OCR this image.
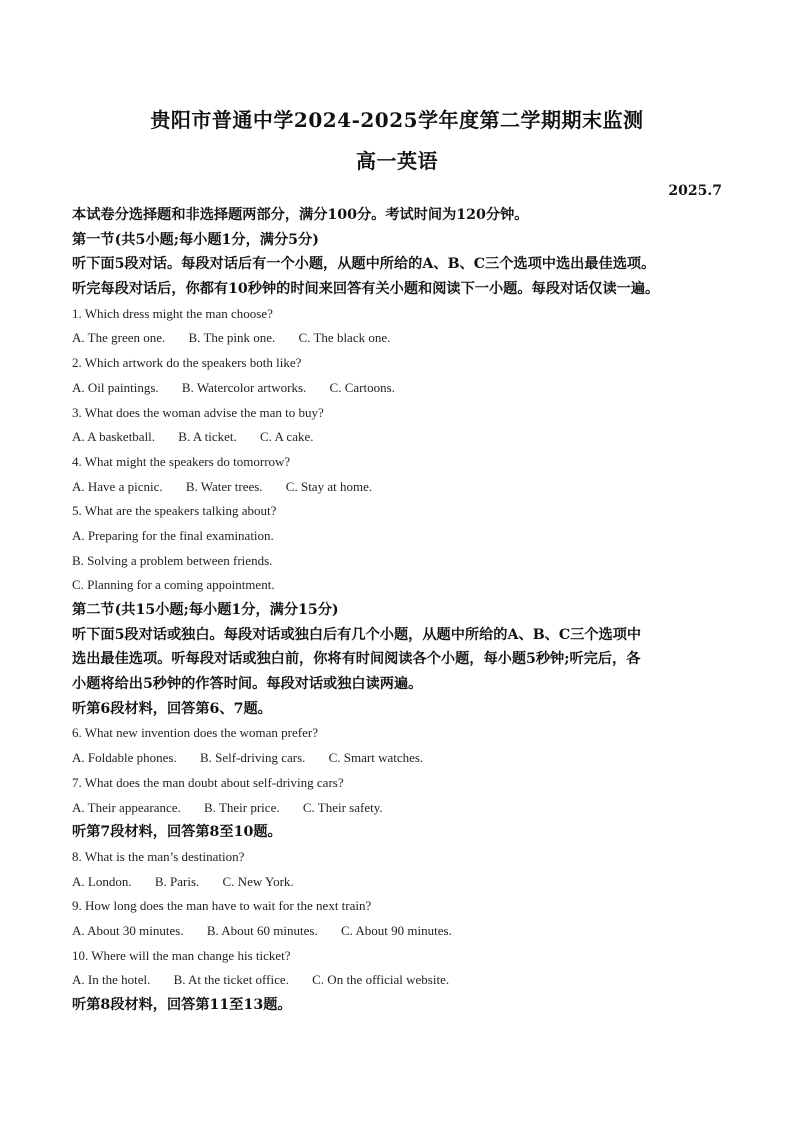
贵阳市普通中学2024-2025学年度第二学期期末监测
高一英语
2025.7
本试卷分选择题和非选择题两部分，满分100分。考试时间为120分钟。
第一节(共5小题;每小题1分，满分5分)
听下面5段对话。每段对话后有一个小题，从题中所给的A、B、C三个选项中选出最佳选项。
听完每段对话后，你都有10秒钟的时间来回答有关小题和阅读下一小题。每段对话仅读一遍。
1. Which dress might the man choose?
A. The green one. B. The pink one. C. The black one.
2. Which artwork do the speakers both like?
A. Oil paintings. B. Watercolor artworks. C. Cartoons.
3. What does the woman advise the man to buy?
A. A basketball. B. A ticket. C. A cake.
4. What might the speakers do tomorrow?
A. Have a picnic. B. Water trees. C. Stay at home.
5. What are the speakers talking about?
A. Preparing for the final examination.
B. Solving a problem between friends.
C. Planning for a coming appointment.
第二节(共15小题;每小题1分，满分15分)
听下面5段对话或独白。每段对话或独白后有几个小题，从题中所给的A、B、C三个选项中
选出最佳选项。听每段对话或独白前，你将有时间阅读各个小题，每小题5秒钟;听完后，各
小题将给出5秒钟的作答时间。每段对话或独白读两遍。
听第6段材料，回答第6、7题。
6. What new invention does the woman prefer?
A. Foldable phones. B. Self-driving cars. C. Smart watches.
7. What does the man doubt about self-driving cars?
A. Their appearance. B. Their price. C. Their safety.
听第7段材料，回答第8至10题。
8. What is the man’s destination?
A. London. B. Paris. C. New York.
9. How long does the man have to wait for the next train?
A. About 30 minutes. B. About 60 minutes. C. About 90 minutes.
10. Where will the man change his ticket?
A. In the hotel. B. At the ticket office. C. On the official website.
听第8段材料，回答第11至13题。
